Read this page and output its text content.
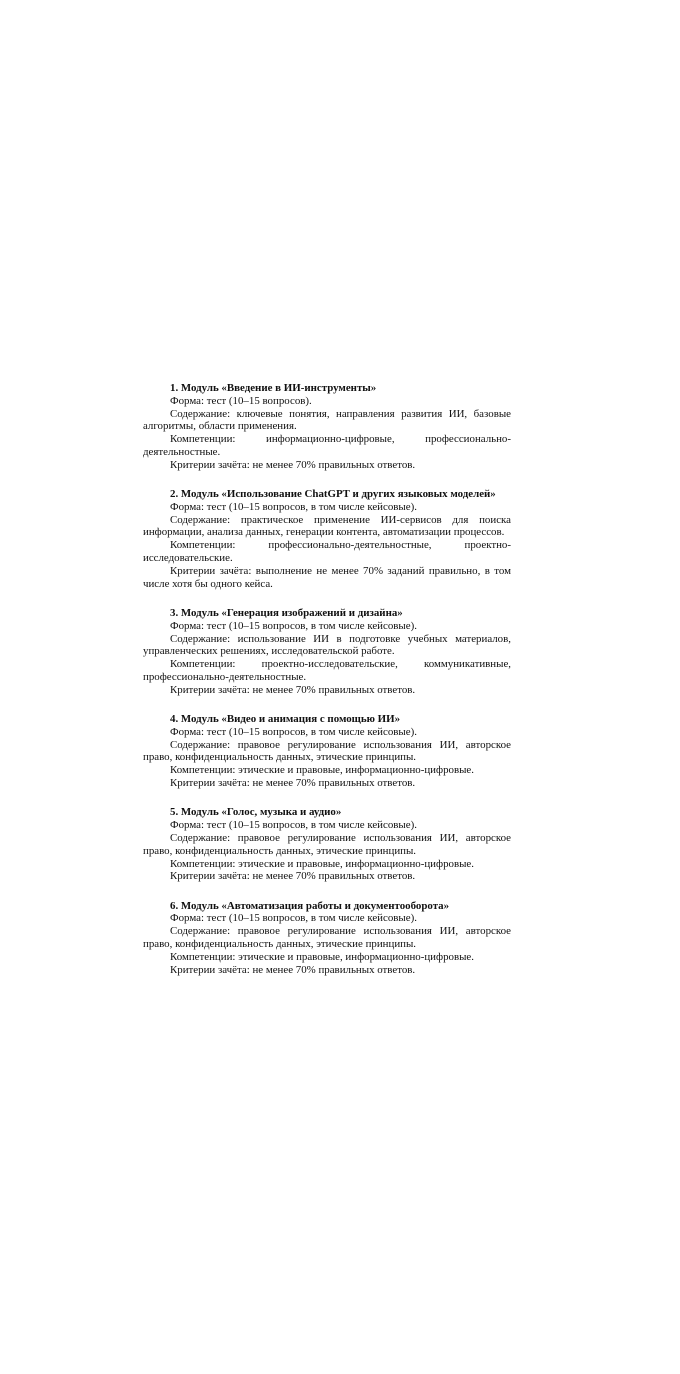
1. Модуль «Введение в ИИ-инструменты»

Форма: тест (10–15 вопросов).

Содержание: ключевые понятия, направления развития ИИ, базовые алгоритмы, области применения.

Компетенции: информационно-цифровые, профессионально-деятельностные.

Критерии зачёта: не менее 70% правильных ответов.

2. Модуль «Использование ChatGPT и других языковых моделей»

Форма: тест (10–15 вопросов, в том числе кейсовые).

Содержание: практическое применение ИИ-сервисов для поиска информации, анализа данных, генерации контента, автоматизации процессов.

Компетенции: профессионально-деятельностные, проектно-исследовательские.

Критерии зачёта: выполнение не менее 70% заданий правильно, в том числе хотя бы одного кейса.

3. Модуль «Генерация изображений и дизайна»

Форма: тест (10–15 вопросов, в том числе кейсовые).

Содержание: использование ИИ в подготовке учебных материалов, управленческих решениях, исследовательской работе.

Компетенции: проектно-исследовательские, коммуникативные, профессионально-деятельностные.

Критерии зачёта: не менее 70% правильных ответов.

4. Модуль «Видео и анимация с помощью ИИ»

Форма: тест (10–15 вопросов, в том числе кейсовые).

Содержание: правовое регулирование использования ИИ, авторское право, конфиденциальность данных, этические принципы.

Компетенции: этические и правовые, информационно-цифровые.

Критерии зачёта: не менее 70% правильных ответов.

5. Модуль «Голос, музыка и аудио»

Форма: тест (10–15 вопросов, в том числе кейсовые).

Содержание: правовое регулирование использования ИИ, авторское право, конфиденциальность данных, этические принципы.

Компетенции: этические и правовые, информационно-цифровые.

Критерии зачёта: не менее 70% правильных ответов.

6. Модуль «Автоматизация работы и документооборота»

Форма: тест (10–15 вопросов, в том числе кейсовые).

Содержание: правовое регулирование использования ИИ, авторское право, конфиденциальность данных, этические принципы.

Компетенции: этические и правовые, информационно-цифровые.

Критерии зачёта: не менее 70% правильных ответов.
